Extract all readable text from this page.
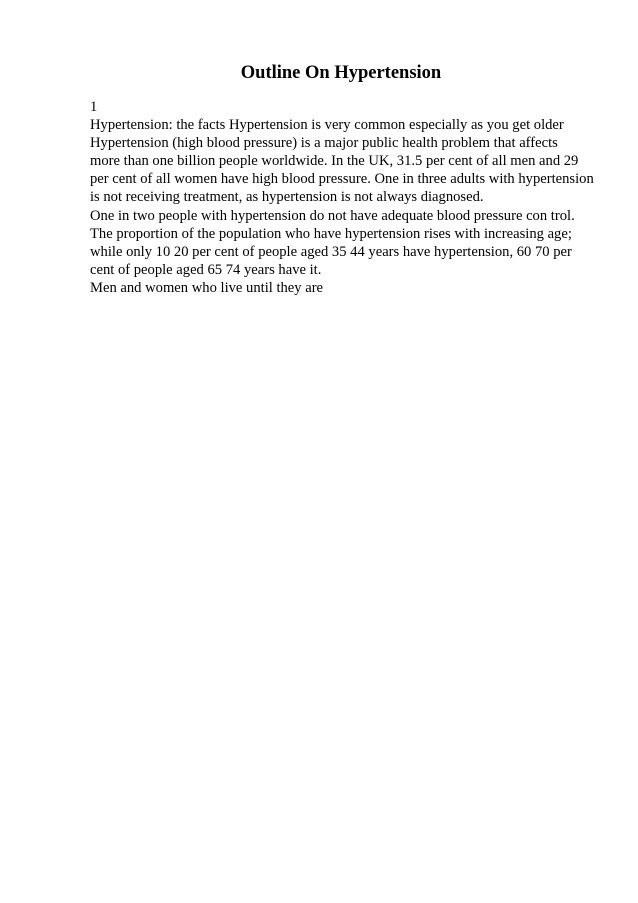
Outline On Hypertension
1
Hypertension: the facts Hypertension is very common especially as you get older
Hypertension (high blood pressure) is a major public health problem that affects
more than one billion people worldwide. In the UK, 31.5 per cent of all men and 29
per cent of all women have high blood pressure. One in three adults with hypertension
is not receiving treatment, as hypertension is not always diagnosed.
One in two people with hypertension do not have adequate blood pressure con trol.
The proportion of the population who have hypertension rises with increasing age;
while only 10 20 per cent of people aged 35 44 years have hypertension, 60 70 per
cent of people aged 65 74 years have it.
Men and women who live until they are
